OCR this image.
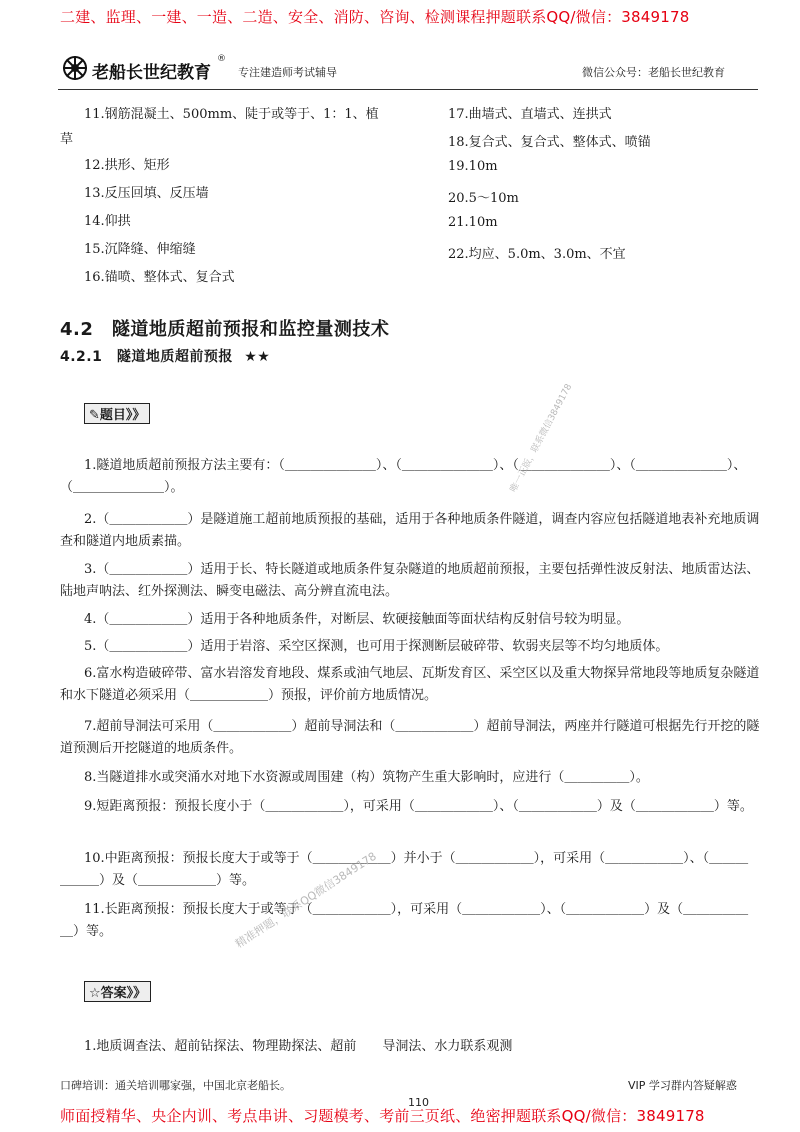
二建、监理、一建、一造、二造、安全、消防、咨询、检测课程押题联系QQ/微信：3849178
老船长世纪教育
®
专注建造师考试辅导	微信公众号：老船长世纪教育
11.钢筋混凝土、500mm、陡于或等于、1：1、植
草
12.拱形、矩形
13.反压回填、反压墙
14.仰拱
15.沉降缝、伸缩缝
16.锚喷、整体式、复合式
17.曲墙式、直墙式、连拱式
18.复合式、复合式、整体式、喷锚
19.10m
20.5～10m
21.10m
22.均应、5.0m、3.0m、不宜
4.2　隧道地质超前预报和监控量测技术
4.2.1　隧道地质超前预报 ★★
✎题目》》
1.隧道地质超前预报方法主要有：（＿＿＿＿＿＿＿）、（＿＿＿＿＿＿＿）、（＿＿＿＿＿＿＿）、（＿＿＿＿＿＿＿）、（＿＿＿＿＿＿＿）。
2.（＿＿＿＿＿＿）是隧道施工超前地质预报的基础，适用于各种地质条件隧道，调查内容应包括隧道地表补充地质调查和隧道内地质素描。
3.（＿＿＿＿＿＿）适用于长、特长隧道或地质条件复杂隧道的地质超前预报，主要包括弹性波反射法、地质雷达法、陆地声呐法、红外探测法、瞬变电磁法、高分辨直流电法。
4.（＿＿＿＿＿＿）适用于各种地质条件，对断层、软硬接触面等面状结构反射信号较为明显。
5.（＿＿＿＿＿＿）适用于岩溶、采空区探测，也可用于探测断层破碎带、软弱夹层等不均匀地质体。
6.富水构造破碎带、富水岩溶发育地段、煤系或油气地层、瓦斯发育区、采空区以及重大物探异常地段等地质复杂隧道和水下隧道必须采用（＿＿＿＿＿＿）预报，评价前方地质情况。
7.超前导洞法可采用（＿＿＿＿＿＿）超前导洞法和（＿＿＿＿＿＿）超前导洞法，两座并行隧道可根据先行开挖的隧道预测后开挖隧道的地质条件。
8.当隧道排水或突涌水对地下水资源或周围建（构）筑物产生重大影响时，应进行（＿＿＿＿＿）。
9.短距离预报：预报长度小于（＿＿＿＿＿＿），可采用（＿＿＿＿＿＿）、（＿＿＿＿＿＿）及（＿＿＿＿＿＿）等。
10.中距离预报：预报长度大于或等于（＿＿＿＿＿＿）并小于（＿＿＿＿＿＿），可采用（＿＿＿＿＿＿）、（＿＿＿＿＿＿）及（＿＿＿＿＿＿）等。
11.长距离预报：预报长度大于或等于（＿＿＿＿＿＿），可采用（＿＿＿＿＿＿）、（＿＿＿＿＿＿）及（＿＿＿＿＿＿）等。
☆答案》》
1.地质调查法、超前钻探法、物理勘探法、超前　　导洞法、水力联系观测
精准押题，联系QQ微信3849178
唯一正版，联系微信3849178
口碑培训：通关培训哪家强，中国北京老船长。	VIP 学习群内答疑解惑
110
师面授精华、央企内训、考点串讲、习题模考、考前三页纸、绝密押题联系QQ/微信：3849178
